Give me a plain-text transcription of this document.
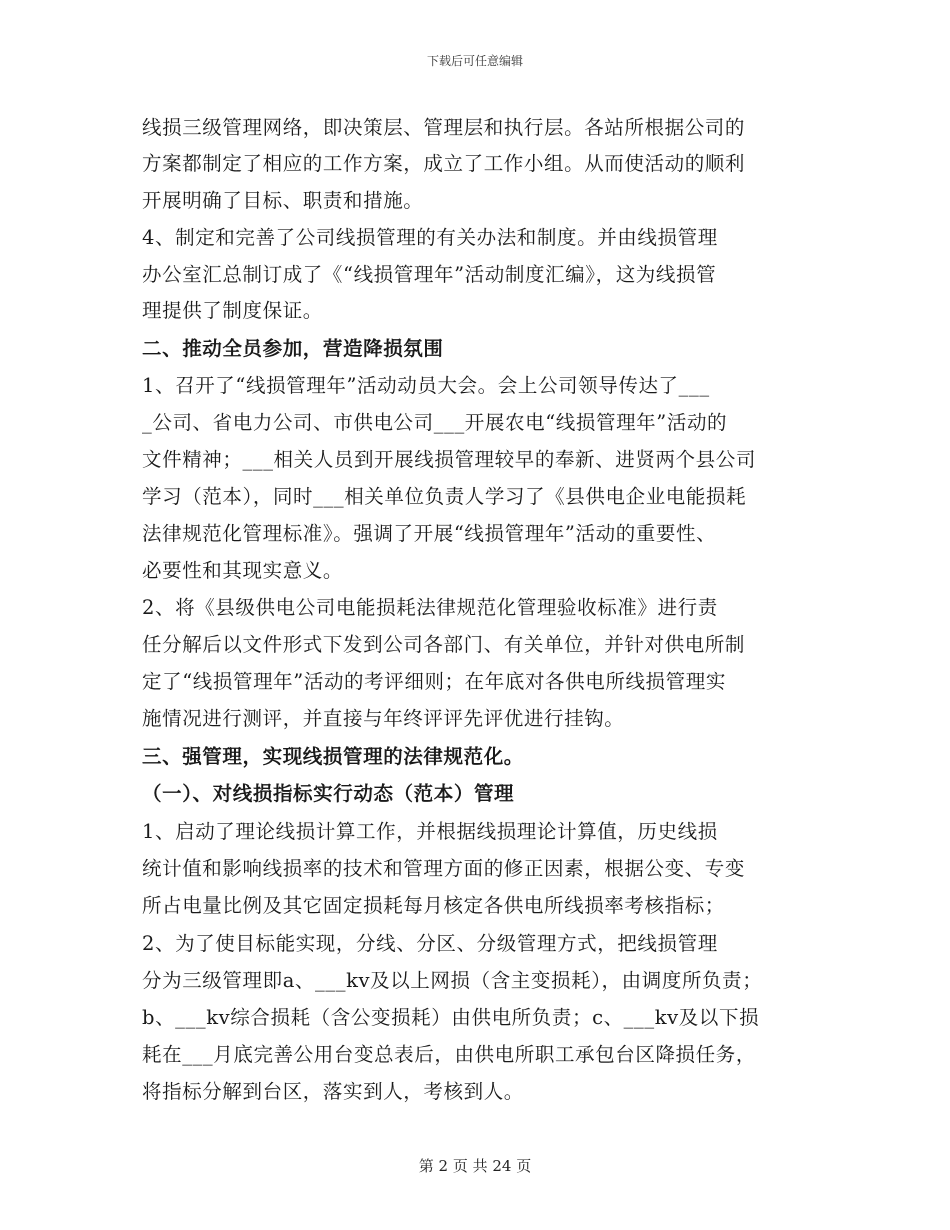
下载后可任意编辑
线损三级管理网络，即决策层、管理层和执行层。各站所根据公司的
方案都制定了相应的工作方案，成立了工作小组。从而使活动的顺利
开展明确了目标、职责和措施。
4、制定和完善了公司线损管理的有关办法和制度。并由线损管理
办公室汇总制订成了《“线损管理年”活动制度汇编》，这为线损管
理提供了制度保证。
二、推动全员参加，营造降损氛围
1、召开了“线损管理年”活动动员大会。会上公司领导传达了___
_公司、省电力公司、市供电公司___开展农电“线损管理年”活动的
文件精神；___相关人员到开展线损管理较早的奉新、进贤两个县公司
学习（范本），同时___相关单位负责人学习了《县供电企业电能损耗
法律规范化管理标准》。强调了开展“线损管理年”活动的重要性、
必要性和其现实意义。
2、将《县级供电公司电能损耗法律规范化管理验收标准》进行责
任分解后以文件形式下发到公司各部门、有关单位，并针对供电所制
定了“线损管理年”活动的考评细则；在年底对各供电所线损管理实
施情况进行测评，并直接与年终评评先评优进行挂钩。
三、强管理，实现线损管理的法律规范化。
（一）、对线损指标实行动态（范本）管理
1、启动了理论线损计算工作，并根据线损理论计算值，历史线损
统计值和影响线损率的技术和管理方面的修正因素，根据公变、专变
所占电量比例及其它固定损耗每月核定各供电所线损率考核指标；
2、为了使目标能实现，分线、分区、分级管理方式，把线损管理
分为三级管理即a、___kv及以上网损（含主变损耗），由调度所负责；
b、___kv综合损耗（含公变损耗）由供电所负责；c、___kv及以下损
耗在___月底完善公用台变总表后，由供电所职工承包台区降损任务，
将指标分解到台区，落实到人，考核到人。
第 2 页 共 24 页
